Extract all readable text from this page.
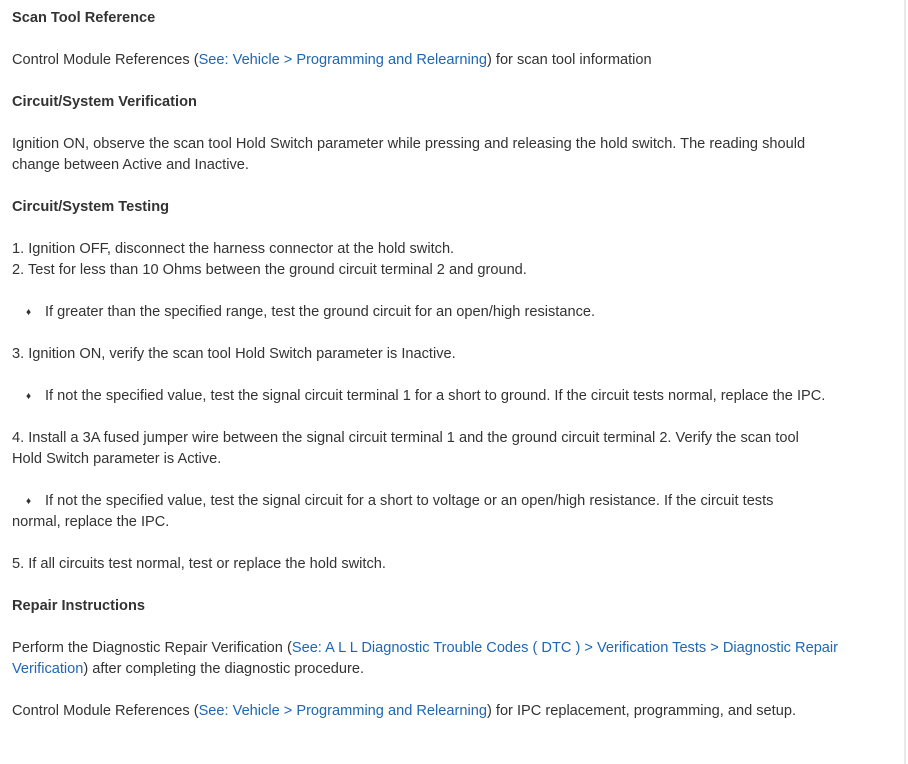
Scan Tool Reference
Control Module References (See: Vehicle > Programming and Relearning) for scan tool information
Circuit/System Verification
Ignition ON, observe the scan tool Hold Switch parameter while pressing and releasing the hold switch. The reading should
change between Active and Inactive.
Circuit/System Testing
1. Ignition OFF, disconnect the harness connector at the hold switch.
2. Test for less than 10 Ohms between the ground circuit terminal 2 and ground.
♦ If greater than the specified range, test the ground circuit for an open/high resistance.
3. Ignition ON, verify the scan tool Hold Switch parameter is Inactive.
♦ If not the specified value, test the signal circuit terminal 1 for a short to ground. If the circuit tests normal, replace the IPC.
4. Install a 3A fused jumper wire between the signal circuit terminal 1 and the ground circuit terminal 2. Verify the scan tool
Hold Switch parameter is Active.
♦ If not the specified value, test the signal circuit for a short to voltage or an open/high resistance. If the circuit tests
normal, replace the IPC.
5. If all circuits test normal, test or replace the hold switch.
Repair Instructions
Perform the Diagnostic Repair Verification (See: A L L Diagnostic Trouble Codes ( DTC ) > Verification Tests > Diagnostic Repair
Verification) after completing the diagnostic procedure.
Control Module References (See: Vehicle > Programming and Relearning) for IPC replacement, programming, and setup.
